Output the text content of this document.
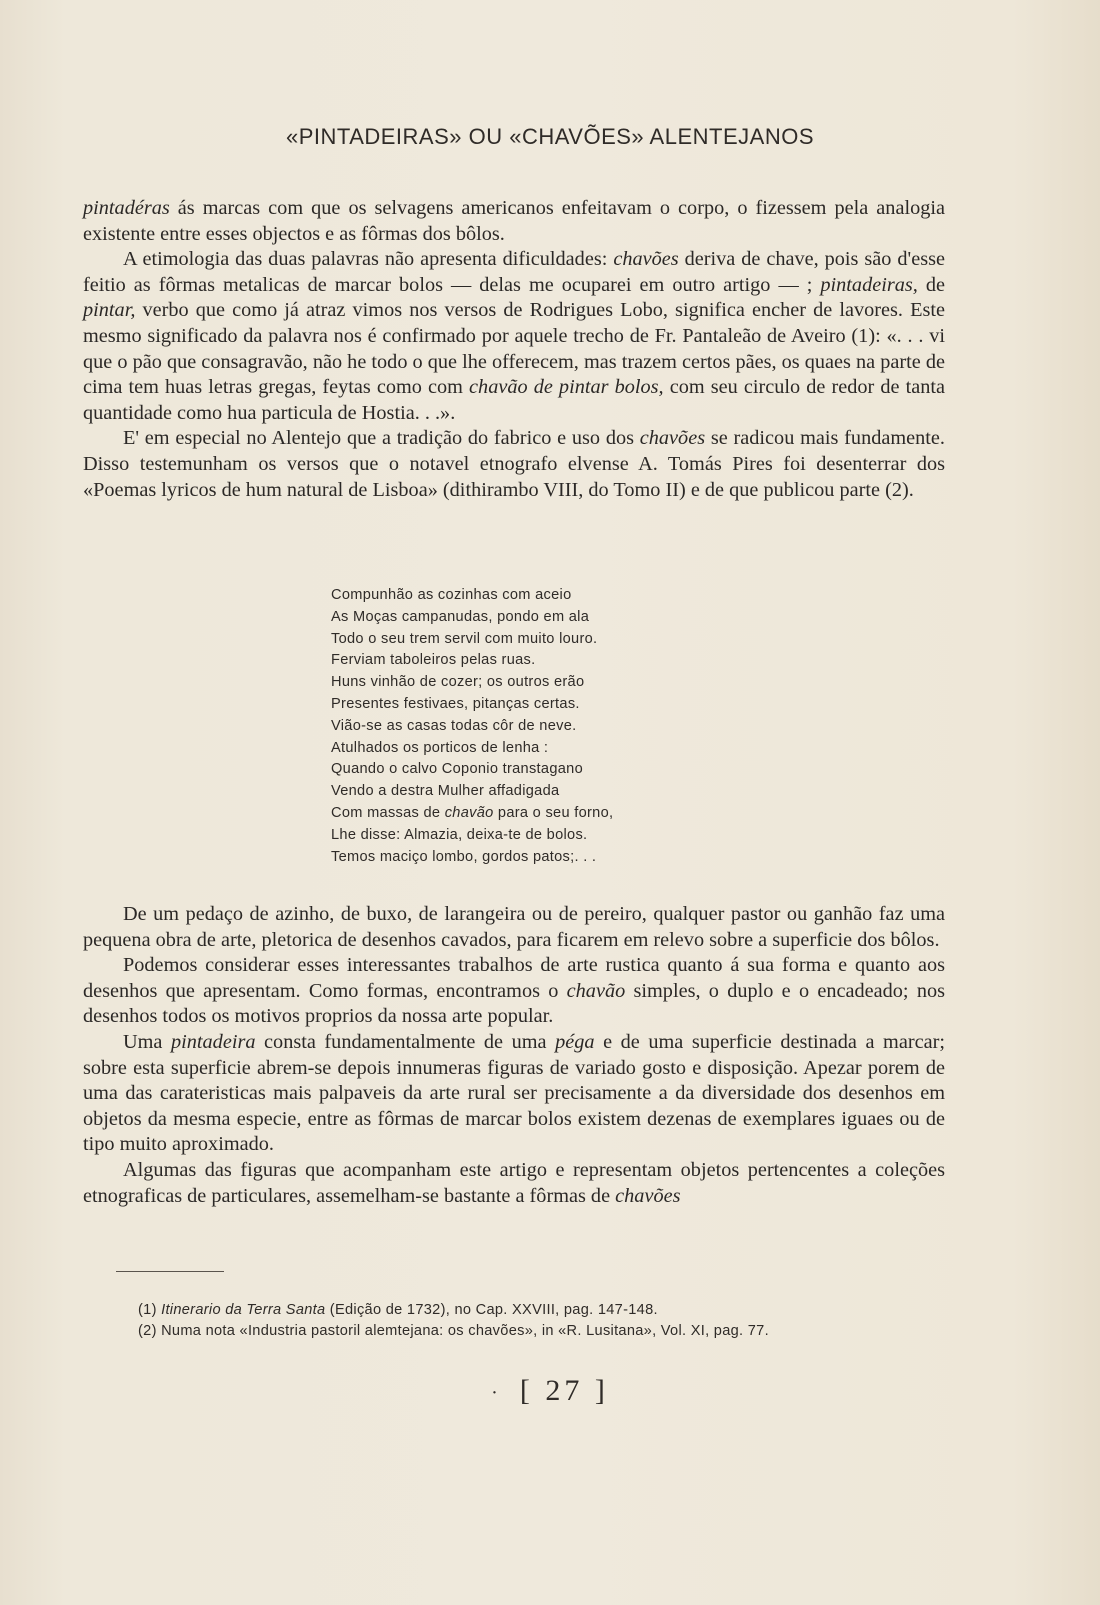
«PINTADEIRAS» OU «CHAVÕES» ALENTEJANOS

pintadéras ás marcas com que os selvagens americanos enfeitavam o corpo, o fizessem pela analogia existente entre esses objectos e as fôrmas dos bôlos.

A etimologia das duas palavras não apresenta dificuldades: chavões deriva de chave, pois são d'esse feitio as fôrmas metalicas de marcar bolos — delas me ocuparei em outro artigo — ; pintadeiras, de pintar, verbo que como já atraz vimos nos versos de Rodrigues Lobo, significa encher de lavores. Este mesmo significado da palavra nos é confirmado por aquele trecho de Fr. Pantaleão de Aveiro (1): «. . . vi que o pão que consagravão, não he todo o que lhe offerecem, mas trazem certos pães, os quaes na parte de cima tem huas letras gregas, feytas como com chavão de pintar bolos, com seu circulo de redor de tanta quantidade como hua particula de Hostia. . .».

E' em especial no Alentejo que a tradição do fabrico e uso dos chavões se radicou mais fundamente. Disso testemunham os versos que o notavel etnografo elvense A. Tomás Pires foi desenterrar dos «Poemas lyricos de hum natural de Lisboa» (dithirambo VIII, do Tomo II) e de que publicou parte (2).

Compunhão as cozinhas com aceio
As Moças campanudas, pondo em ala
Todo o seu trem servil com muito louro.
Ferviam taboleiros pelas ruas.
Huns vinhão de cozer; os outros erão
Presentes festivaes, pitanças certas.
Vião-se as casas todas côr de neve.
Atulhados os porticos de lenha :
Quando o calvo Coponio transtagano
Vendo a destra Mulher affadigada
Com massas de chavão para o seu forno,
Lhe disse: Almazia, deixa-te de bolos.
Temos maciço lombo, gordos patos;. . .

De um pedaço de azinho, de buxo, de larangeira ou de pereiro, qualquer pastor ou ganhão faz uma pequena obra de arte, pletorica de desenhos cavados, para ficarem em relevo sobre a superficie dos bôlos.

Podemos considerar esses interessantes trabalhos de arte rustica quanto á sua forma e quanto aos desenhos que apresentam. Como formas, encontramos o chavão simples, o duplo e o encadeado; nos desenhos todos os motivos proprios da nossa arte popular.

Uma pintadeira consta fundamentalmente de uma péga e de uma superficie destinada a marcar; sobre esta superficie abrem-se depois innumeras figuras de variado gosto e disposição. Apezar porem de uma das carateristicas mais palpaveis da arte rural ser precisamente a da diversidade dos desenhos em objetos da mesma especie, entre as fôrmas de marcar bolos existem dezenas de exemplares iguaes ou de tipo muito aproximado.

Algumas das figuras que acompanham este artigo e representam objetos pertencentes a coleções etnograficas de particulares, assemelham-se bastante a fôrmas de chavões

(1) Itinerario da Terra Santa (Edição de 1732), no Cap. XXVIII, pag. 147-148.
(2) Numa nota «Industria pastoril alemtejana: os chavões», in «R. Lusitana», Vol. XI, pag. 77.
· [ 27 ]
